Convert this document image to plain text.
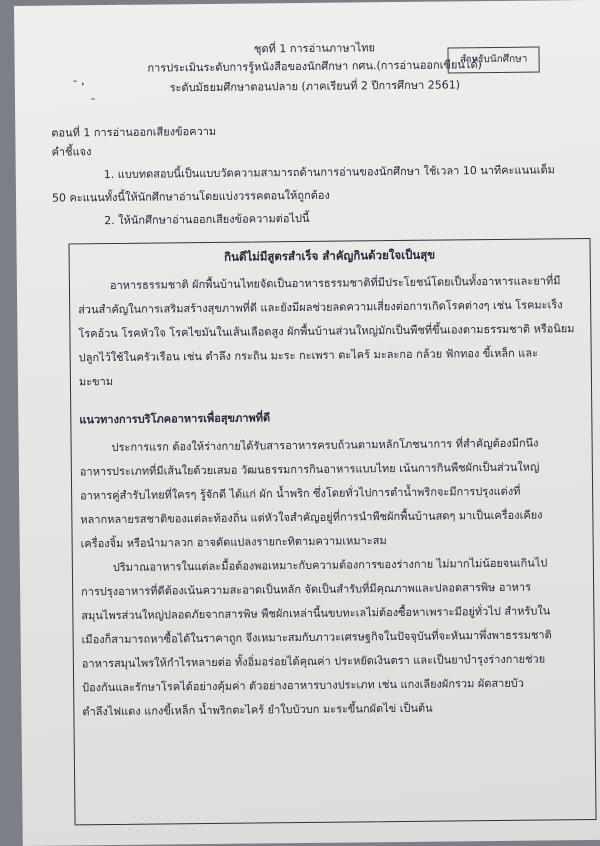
สำหรับนักศึกษา
ชุดที่ 1 การอ่านภาษาไทย
การประเมินระดับการรู้หนังสือของนักศึกษา กศน.(การอ่านออกเขียนได้)
ระดับมัธยมศึกษาตอนปลาย (ภาคเรียนที่ 2 ปีการศึกษา 2561)
- ,
-
ตอนที่ 1 การอ่านออกเสียงข้อความ
คำชี้แจง
1. แบบทดสอบนี้เป็นแบบวัดความสามารถด้านการอ่านของนักศึกษา ใช้เวลา 10 นาทีคะแนนเต็ม
50 คะแนนทั้งนี้ให้นักศึกษาอ่านโดยแบ่งวรรคตอนให้ถูกต้อง
2. ให้นักศึกษาอ่านออกเสียงข้อความต่อไปนี้
กินดีไม่มีสูตรสำเร็จ สำคัญกินด้วยใจเป็นสุข
อาหารธรรมชาติ ผักพื้นบ้านไทยจัดเป็นอาหารธรรมชาติที่มีประโยชน์โดยเป็นทั้งอาหารและยาที่มี
ส่วนสำคัญในการเสริมสร้างสุขภาพที่ดี และยังมีผลช่วยลดความเสี่ยงต่อการเกิดโรคต่างๆ เช่น โรคมะเร็ง
โรคอ้วน โรคหัวใจ โรคไขมันในเส้นเลือดสูง ผักพื้นบ้านส่วนใหญ่มักเป็นพืชที่ขึ้นเองตามธรรมชาติ หรือนิยม
ปลูกไว้ใช้ในครัวเรือน เช่น ตำลึง กระถิน มะระ กะเพรา ตะไคร้ มะละกอ กล้วย ฟักทอง ขี้เหล็ก และ
มะขาม
แนวทางการบริโภคอาหารเพื่อสุขภาพที่ดี
ประการแรก ต้องให้ร่างกายได้รับสารอาหารครบถ้วนตามหลักโภชนาการ ที่สำคัญต้องมีกนึง
อาหารประเภทที่มีเส้นใยด้วยเสมอ วัฒนธรรมการกินอาหารแบบไทย เน้นการกินพืชผักเป็นส่วนใหญ่
อาหารคู่สำรับไทยที่ใครๆ รู้จักดี ได้แก่ ผัก น้ำพริก ซึ่งโดยทั่วไปการตำน้ำพริกจะมีการปรุงแต่งที่
หลากหลายรสชาติของแต่ละท้องถิ่น แต่หัวใจสำคัญอยู่ที่การนำพืชผักพื้นบ้านสดๆ มาเป็นเครื่องเคียง
เครื่องจิ้ม หรือนำมาลวก อาจดัดแปลงรายกะทิตามความเหมาะสม
ปริมาณอาหารในแต่ละมื้อต้องพอเหมาะกับความต้องการของร่างกาย ไม่มากไม่น้อยจนเกินไป
การปรุงอาหารที่ดีต้องเน้นความสะอาดเป็นหลัก จัดเป็นสำรับที่มีคุณภาพและปลอดสารพิษ อาหาร
สมุนไพรส่วนใหญ่ปลอดภัยจากสารพิษ พืชผักเหล่านี้นขบทะเลไม่ต้องซื้อหาเพราะมีอยู่ทั่วไป สำหรับใน
เมืองก็สามารถหาซื้อได้ในราคาถูก จึงเหมาะสมกับภาวะเศรษฐกิจในปัจจุบันที่จะหันมาพึ่งพาธรรมชาติ
อาหารสมุนไพรให้กำไรหลายต่อ ทั้งอิ่มอร่อยได้คุณค่า ประหยัดเงินตรา และเป็นยาบำรุงร่างกายช่วย
ป้องกันและรักษาโรคได้อย่างคุ้มค่า ตัวอย่างอาหารบางประเภท เช่น แกงเลียงผักรวม ผัดสายบัว
ตำลึงไฟแดง แกงขี้เหล็ก น้ำพริกตะไคร้ ยำใบบัวบก มะระขี้นกผัดไข่ เป็นต้น
